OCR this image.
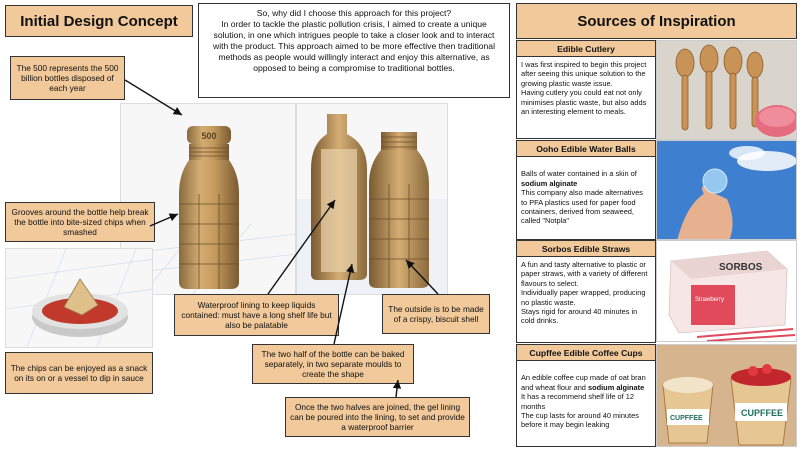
Initial Design Concept	So, why did I choose this approach for this project?
In order to tackle the plastic pollution crisis, I aimed to create a unique solution, in one which intrigues people to take a closer look and to interact with the product. This approach aimed to be more effective then traditional methods as people would willingly interact and enjoy this alternative, as opposed to being a compromise to traditional bottles.
500
The 500 represents the 500 billion bottles disposed of each year
Grooves around the bottle help break the bottle into bite-sized chips when smashed
The chips can be enjoyed as a snack on its on or a vessel to dip in sauce
Waterproof lining to keep liquids contained: must have a long shelf life but also be palatable
The outside is to be made of a crispy, biscuit shell
The two half of the bottle can be baked separately, in two separate moulds to create the shape
Once the two halves are joined, the gel lining can be poured into the lining, to set and provide a waterproof barrier
Sources of Inspiration
Edible Cutlery
I was first inspired to begin this project after seeing this unique solution to the growing plastic waste issue.
Having cutlery you could eat not only minimises plastic waste, but also adds an interesting element to meals.
Ooho Edible Water Balls

Balls of water contained in a skin of sodium alginate
This company also made alternatives to PFA plastics used for paper food containers, derived from seaweed, called "Notpla"

Sorbos Edible Straws
A fun and tasty alternative to plastic or paper straws, with a variety of different flavours to select.
Individually paper wrapped, producing no plastic waste.
Stays rigid for around 40 minutes in cold drinks.
SORBOS
Strawberry
Cupffee Edible Coffee Cups

An edible coffee cup made of oat bran and wheat flour and sodium alginate
It has a recommend shelf life of 12 months
The cup lasts for around 40 minutes before it may begin leaking

CUPFFEE
CUPFFEE
